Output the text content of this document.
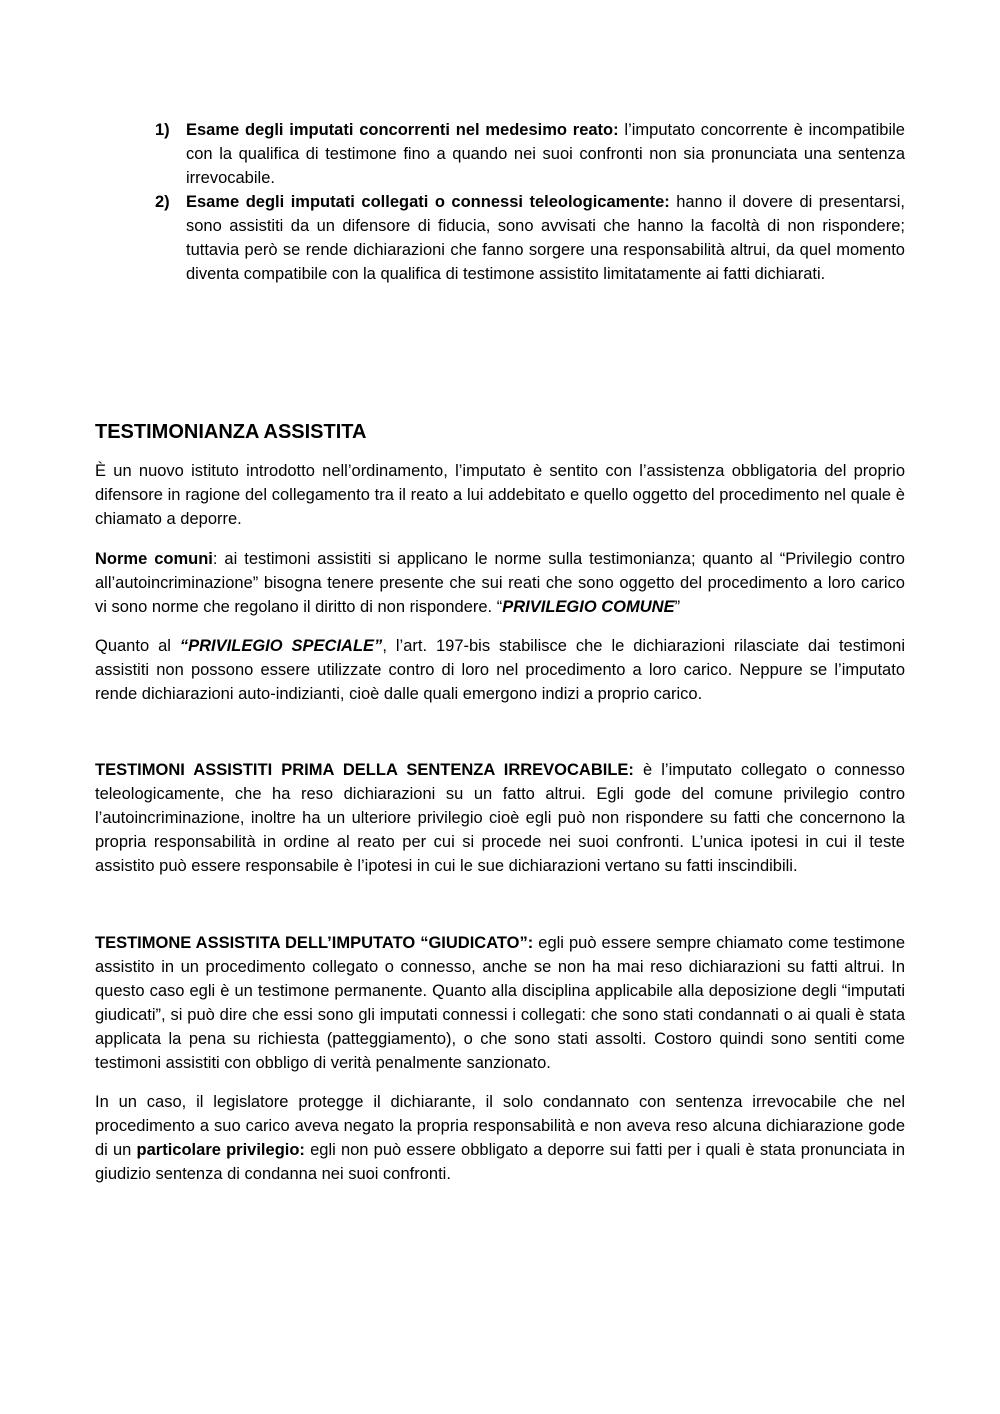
1) Esame degli imputati concorrenti nel medesimo reato: l’imputato concorrente è incompatibile con la qualifica di testimone fino a quando nei suoi confronti non sia pronunciata una sentenza irrevocabile.
2) Esame degli imputati collegati o connessi teleologicamente: hanno il dovere di presentarsi, sono assistiti da un difensore di fiducia, sono avvisati che hanno la facoltà di non rispondere; tuttavia però se rende dichiarazioni che fanno sorgere una responsabilità altrui, da quel momento diventa compatibile con la qualifica di testimone assistito limitatamente ai fatti dichiarati.
TESTIMONIANZA ASSISTITA

È un nuovo istituto introdotto nell’ordinamento, l’imputato è sentito con l’assistenza obbligatoria del proprio difensore in ragione del collegamento tra il reato a lui addebitato e quello oggetto del procedimento nel quale è chiamato a deporre.

Norme comuni: ai testimoni assistiti si applicano le norme sulla testimonianza; quanto al “Privilegio contro all’autoincriminazione” bisogna tenere presente che sui reati che sono oggetto del procedimento a loro carico vi sono norme che regolano il diritto di non rispondere. “PRIVILEGIO COMUNE”

Quanto al “PRIVILEGIO SPECIALE”, l’art. 197-bis stabilisce che le dichiarazioni rilasciate dai testimoni assistiti non possono essere utilizzate contro di loro nel procedimento a loro carico. Neppure se l’imputato rende dichiarazioni auto-indizianti, cioè dalle quali emergono indizi a proprio carico.

TESTIMONI ASSISTITI PRIMA DELLA SENTENZA IRREVOCABILE: è l’imputato collegato o connesso teleologicamente, che ha reso dichiarazioni su un fatto altrui. Egli gode del comune privilegio contro l’autoincriminazione, inoltre ha un ulteriore privilegio cioè egli può non rispondere su fatti che concernono la propria responsabilità in ordine al reato per cui si procede nei suoi confronti. L’unica ipotesi in cui il teste assistito può essere responsabile è l’ipotesi in cui le sue dichiarazioni vertano su fatti inscindibili.

TESTIMONE ASSISTITA DELL’IMPUTATO “GIUDICATO”: egli può essere sempre chiamato come testimone assistito in un procedimento collegato o connesso, anche se non ha mai reso dichiarazioni su fatti altrui. In questo caso egli è un testimone permanente. Quanto alla disciplina applicabile alla deposizione degli “imputati giudicati”, si può dire che essi sono gli imputati connessi i collegati: che sono stati condannati o ai quali è stata applicata la pena su richiesta (patteggiamento), o che sono stati assolti. Costoro quindi sono sentiti come testimoni assistiti con obbligo di verità penalmente sanzionato.

In un caso, il legislatore protegge il dichiarante, il solo condannato con sentenza irrevocabile che nel procedimento a suo carico aveva negato la propria responsabilità e non aveva reso alcuna dichiarazione gode di un particolare privilegio: egli non può essere obbligato a deporre sui fatti per i quali è stata pronunciata in giudizio sentenza di condanna nei suoi confronti.
